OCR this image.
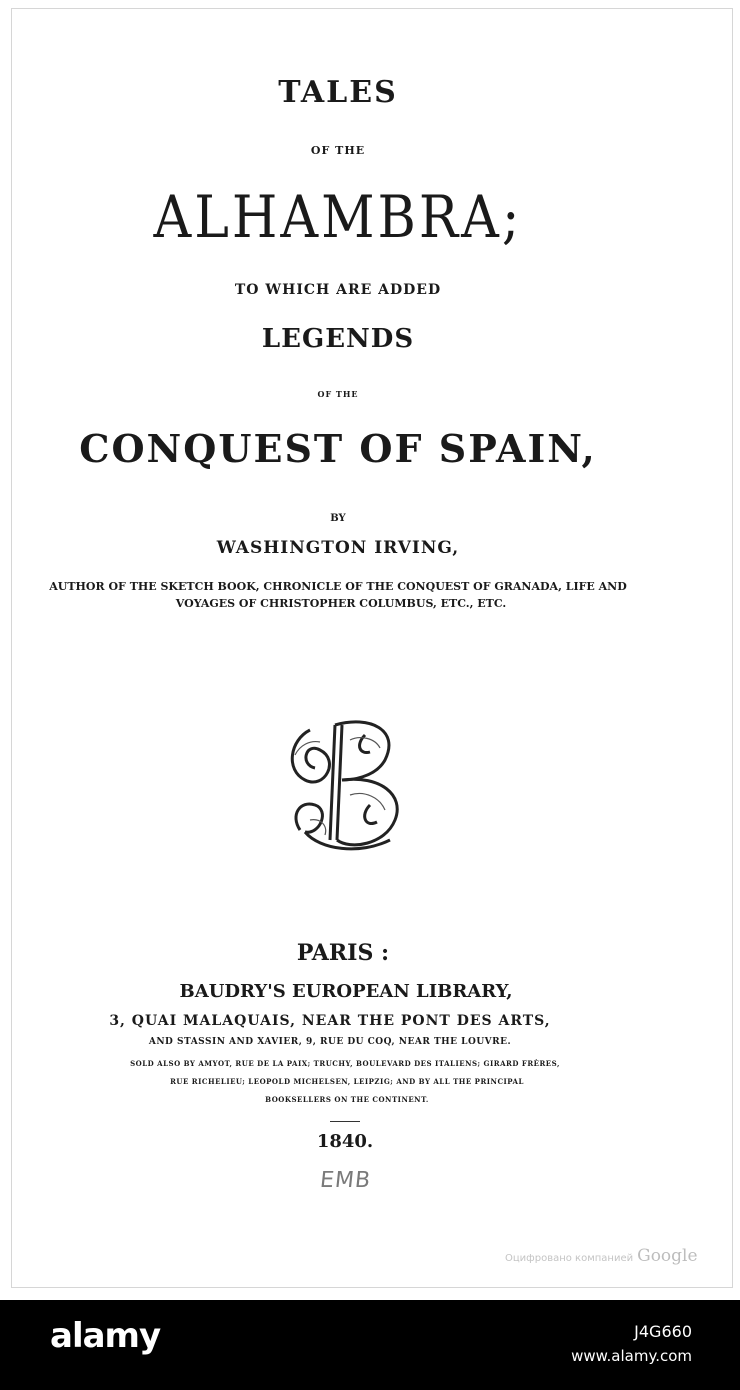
TALES
OF THE
ALHAMBRA;
TO WHICH ARE ADDED
LEGENDS
OF THE
CONQUEST OF SPAIN,
BY
WASHINGTON IRVING,
AUTHOR OF THE SKETCH BOOK, CHRONICLE OF THE CONQUEST OF GRANADA, LIFE AND
VOYAGES OF CHRISTOPHER COLUMBUS, ETC., ETC.
PARIS :
BAUDRY'S EUROPEAN LIBRARY,
3, QUAI MALAQUAIS, NEAR THE PONT DES ARTS,
AND STASSIN AND XAVIER, 9, RUE DU COQ, NEAR THE LOUVRE.
SOLD ALSO BY AMYOT, RUE DE LA PAIX; TRUCHY, BOULEVARD DES ITALIENS; GIRARD FRÈRES,
RUE RICHELIEU; LEOPOLD MICHELSEN, LEIPZIG; AND BY ALL THE PRINCIPAL
BOOKSELLERS ON THE CONTINENT.
1840.
EMB
Оцифровано компанией Google
alamy	J4G660
www.alamy.com
